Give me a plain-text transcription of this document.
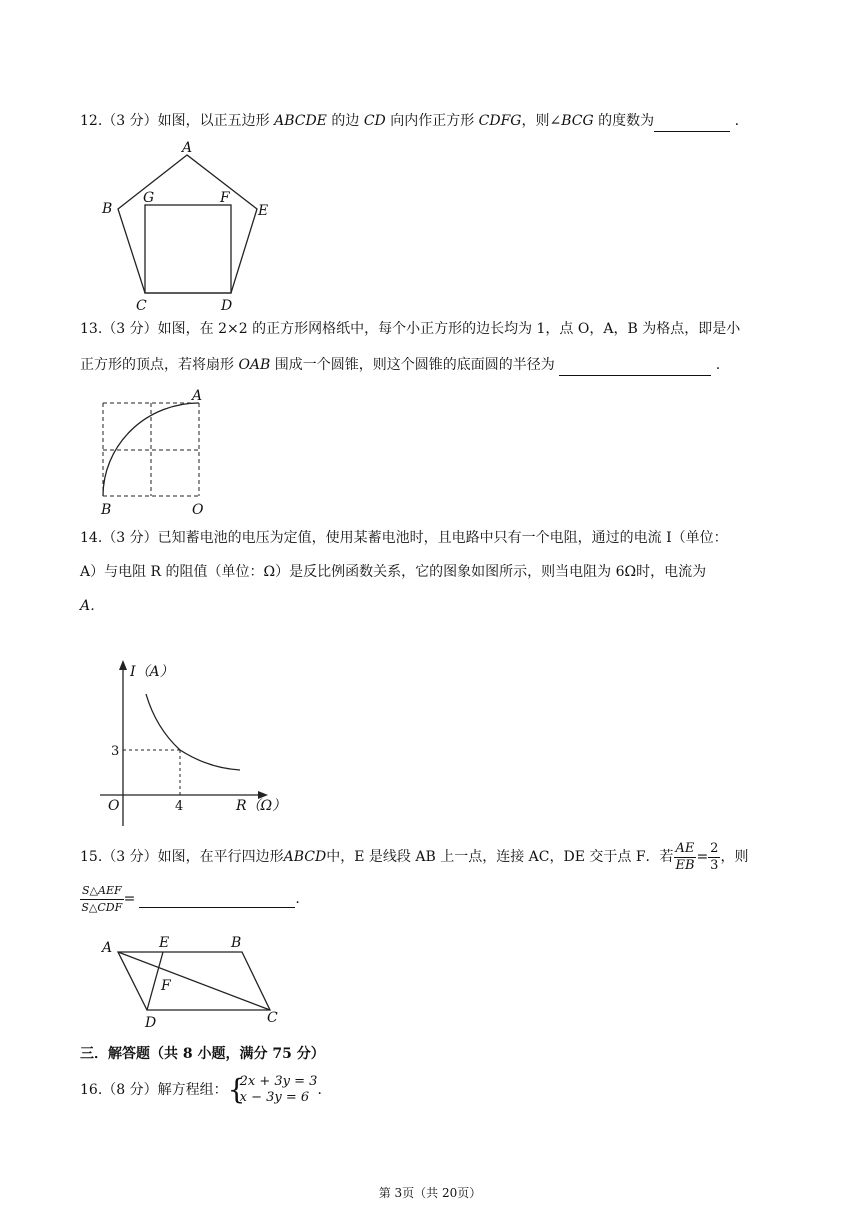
12.（3 分）如图，以正五边形 ABCDE 的边 CD 向内作正方形 CDFG，则∠BCG 的度数为	.
A
B
G	F
E
C	D
13.（3 分）如图，在 2×2 的正方形网格纸中，每个小正方形的边长均为 1，点 O，A，B 为格点，即是小
正方形的顶点，若将扇形 OAB 围成一个圆锥，则这个圆锥的底面圆的半径为	.
A
B	O
14.（3 分）已知蓄电池的电压为定值，使用某蓄电池时，且电路中只有一个电阻，通过的电流 I（单位：
A）与电阻 R 的阻值（单位：Ω）是反比例函数关系，它的图象如图所示，则当电阻为 6Ω时，电流为
A．
I（A）
R（Ω）
O
3
4
15.（3 分）如图，在平行四边形 ABCD 中，E 是线段 AB 上一点，连接 AC，DE 交于点 F．若 $\frac{AE}{EB} = \frac{2}{3}$ ，则
$\frac{\text{S△AEF}}{\text{S△CDF}}$ =	.
A	E	B
F
D	C
三．解答题（共 8 小题，满分 75 分）
16.（8 分）解方程组： {
2x + 3y = 3
x − 3y = 6 ．
第 3页（共 20页）
